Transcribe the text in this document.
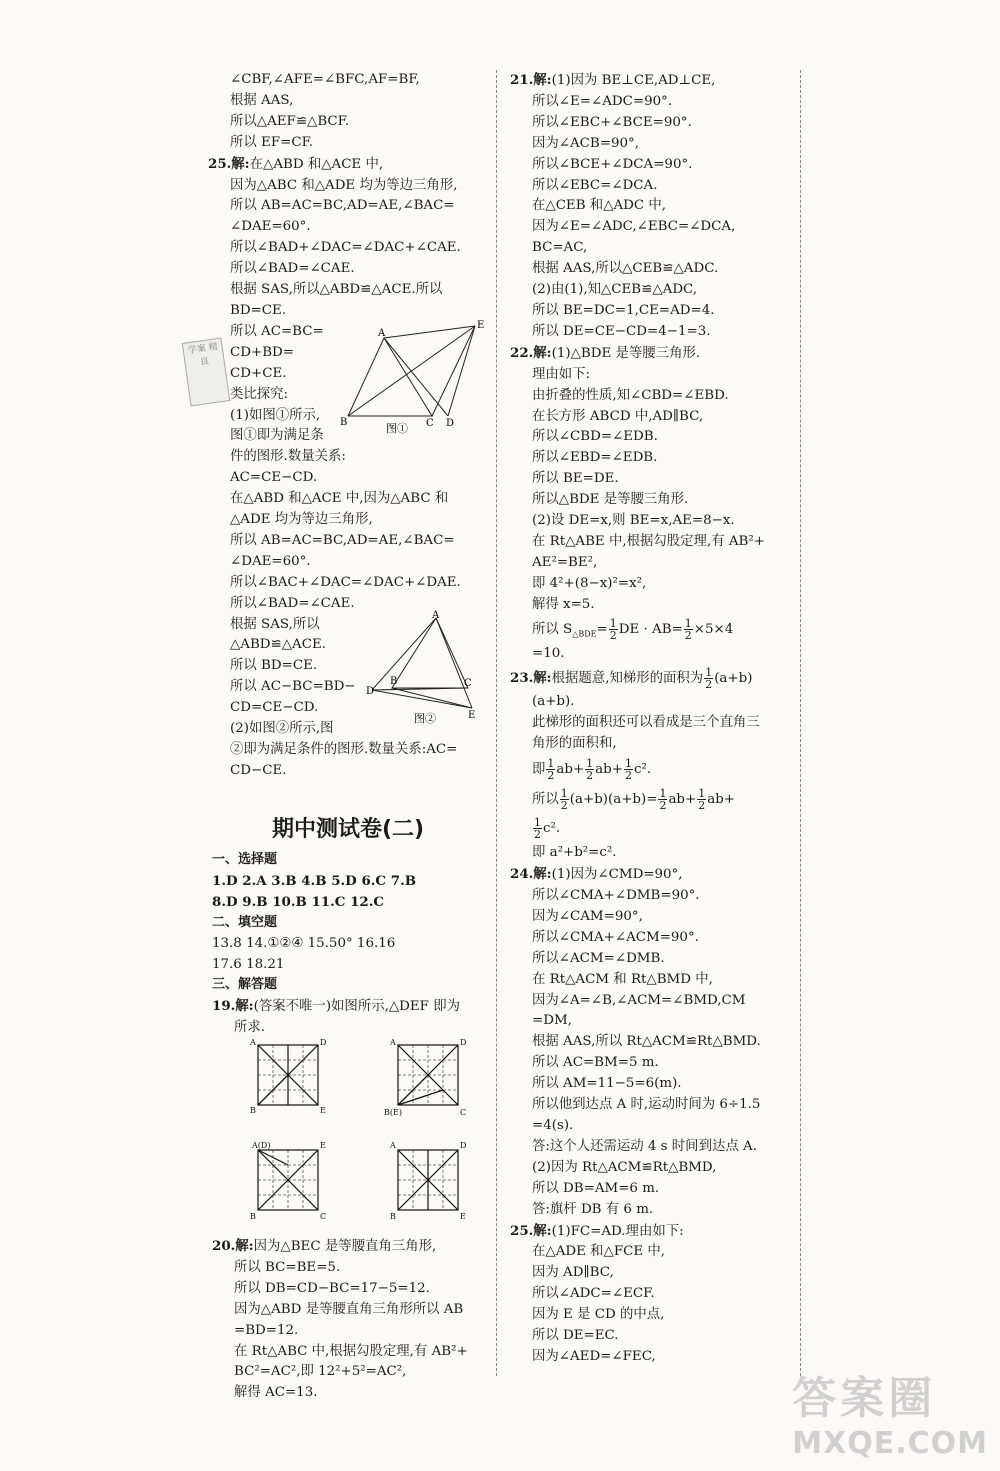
学案 精良
∠CBF,∠AFE=∠BFC,AF=BF,
根据 AAS,
所以△AEF≌△BCF.
所以 EF=CF.
25.解:在△ABD 和△ACE 中,
因为△ABC 和△ADE 均为等边三角形,
所以 AB=AC=BC,AD=AE,∠BAC=
∠DAE=60°.
所以∠BAD+∠DAC=∠DAC+∠CAE.
所以∠BAD=∠CAE.
根据 SAS,所以△ABD≌△ACE.所以
BD=CE.
所以 AC=BC=
CD+BD=
CD+CE.
类比探究:
(1)如图①所示,
图①即为满足条
件的图形.数量关系:
AC=CE−CD.
在△ABD 和△ACE 中,因为△ABC 和
△ADE 均为等边三角形,
所以 AB=AC=BC,AD=AE,∠BAC=
∠DAE=60°.
所以∠BAC+∠DAC=∠DAC+∠DAE.
所以∠BAD=∠CAE.
根据 SAS,所以
△ABD≌△ACE.
所以 BD=CE.
所以 AC−BC=BD−
CD=CE−CD.
(2)如图②所示,图
②即为满足条件的图形.数量关系:AC=
CD−CE.
A
E
B	C D
图①
A
D
B	C
E
图②
期中测试卷(二)
一、选择题
1.D 2.A 3.B 4.B 5.D 6.C 7.B
8.D 9.B 10.B 11.C 12.C
二、填空题
13.8 14.①②④ 15.50° 16.16
17.6 18.21
三、解答题
19.解:(答案不唯一)如图所示,△DEF 即为
所求.
A	D
B	E
A	D
B(E)	C
A(D)	E
B	C
A	D
B	E
20.解:因为△BEC 是等腰直角三角形,
所以 BC=BE=5.
所以 DB=CD−BC=17−5=12.
因为△ABD 是等腰直角三角形所以 AB
=BD=12.
在 Rt△ABC 中,根据勾股定理,有 AB²+
BC²=AC²,即 12²+5²=AC²,
解得 AC=13.
21.解:(1)因为 BE⊥CE,AD⊥CE,
所以∠E=∠ADC=90°.
所以∠EBC+∠BCE=90°.
因为∠ACB=90°,
所以∠BCE+∠DCA=90°.
所以∠EBC=∠DCA.
在△CEB 和△ADC 中,
因为∠E=∠ADC,∠EBC=∠DCA,
BC=AC,
根据 AAS,所以△CEB≌△ADC.
(2)由(1),知△CEB≌△ADC,
所以 BE=DC=1,CE=AD=4.
所以 DE=CE−CD=4−1=3.
22.解:(1)△BDE 是等腰三角形.
理由如下:
由折叠的性质,知∠CBD=∠EBD.
在长方形 ABCD 中,AD∥BC,
所以∠CBD=∠EDB.
所以∠EBD=∠EDB.
所以 BE=DE.
所以△BDE 是等腰三角形.
(2)设 DE=x,则 BE=x,AE=8−x.
在 Rt△ABE 中,根据勾股定理,有 AB²+
AE²=BE²,
即 4²+(8−x)²=x²,
解得 x=5.
所以 $S_{\triangle BDE}= \frac{1}{2}$ DE · $AB= \frac{1}{2} \times 5\times 4$
=10.
23.解:根据题意,知梯形的面积为 $\frac{1}{2} (a+b)$
(a+b).
此梯形的面积还可以看成是三个直角三
角形的面积和,
即 $\frac{1}{2} ab+ \frac{1}{2} ab+ \frac{1}{2} c^2$.
所以 $\frac{1}{2} (a+b)(a+b)= \frac{1}{2} ab+ \frac{1}{2} ab+$
$\frac{1}{2} c^2$.
即 a²+b²=c².
24.解:(1)因为∠CMD=90°,
所以∠CMA+∠DMB=90°.
因为∠CAM=90°,
所以∠CMA+∠ACM=90°.
所以∠ACM=∠DMB.
在 Rt△ACM 和 Rt△BMD 中,
因为∠A=∠B,∠ACM=∠BMD,CM
=DM,
根据 AAS,所以 Rt△ACM≌Rt△BMD.
所以 AC=BM=5 m.
所以 AM=11−5=6(m).
所以他到达点 A 时,运动时间为 6÷1.5
=4(s).
答:这个人还需运动 4 s 时间到达点 A.
(2)因为 Rt△ACM≌Rt△BMD,
所以 DB=AM=6 m.
答:旗杆 DB 有 6 m.
25.解:(1)FC=AD.理由如下:
在△ADE 和△FCE 中,
因为 AD∥BC,
所以∠ADC=∠ECF.
因为 E 是 CD 的中点,
所以 DE=EC.
因为∠AED=∠FEC,
答案圈
MXQE.COM
